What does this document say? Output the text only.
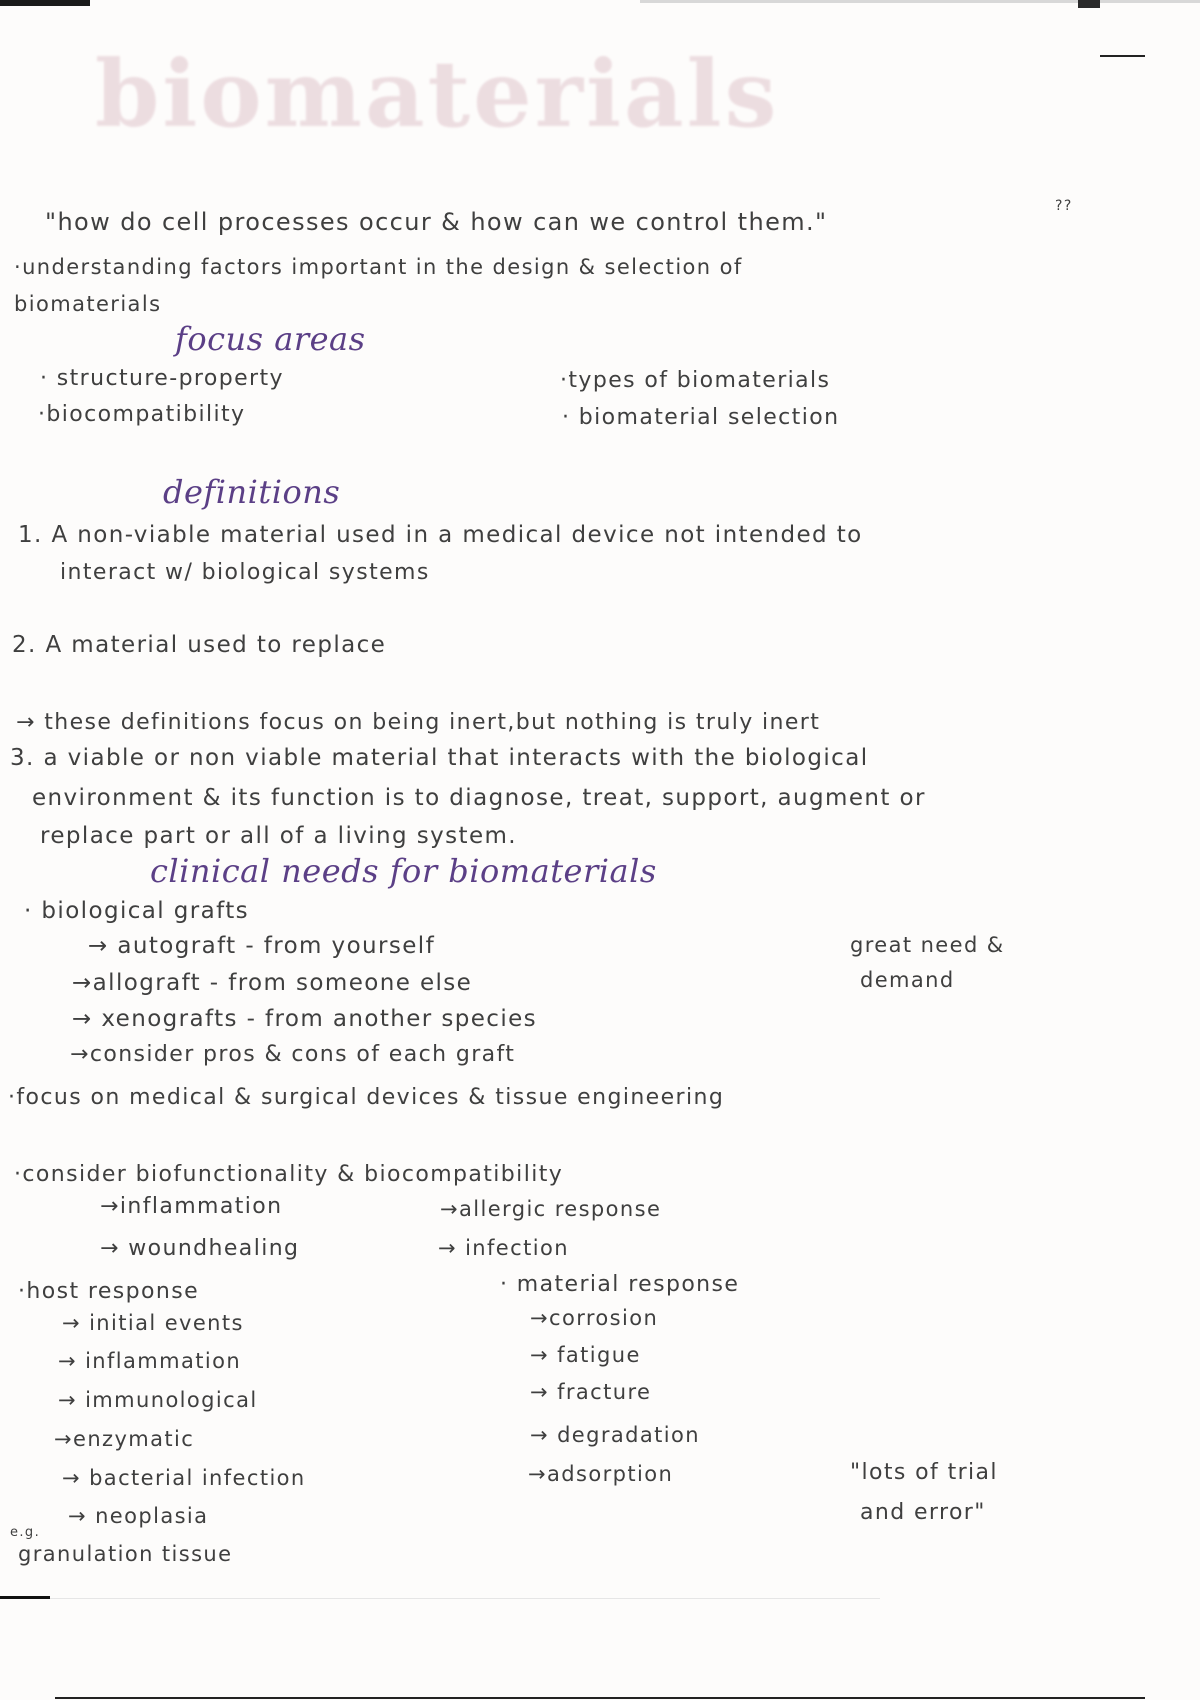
biomaterials
"how do cell processes occur & how can we control them."
??
·understanding factors important in the design & selection of
biomaterials
focus areas
· structure-property
·biocompatibility
·types of biomaterials
· biomaterial selection
definitions
1. A non-viable material used in a medical device not intended to
interact w/ biological systems
2. A material used to replace
→ these definitions focus on being inert,but nothing is truly inert
3. a viable or non viable material that interacts with the biological
environment & its function is to diagnose, treat, support, augment or
replace part or all of a living system.
clinical needs for biomaterials
· biological grafts
→ autograft - from yourself
→allograft - from someone else
→ xenografts - from another species
→consider pros & cons of each graft
great need &
demand
·focus on medical & surgical devices & tissue engineering
·consider biofunctionality & biocompatibility
→inflammation
→ woundhealing
→allergic response
→ infection
·host response
→ initial events
→ inflammation
→ immunological
→enzymatic
→ bacterial infection
→ neoplasia
e.g.
granulation tissue
· material response
→corrosion
→ fatigue
→ fracture
→ degradation
→adsorption	"lots of trial
and error"
